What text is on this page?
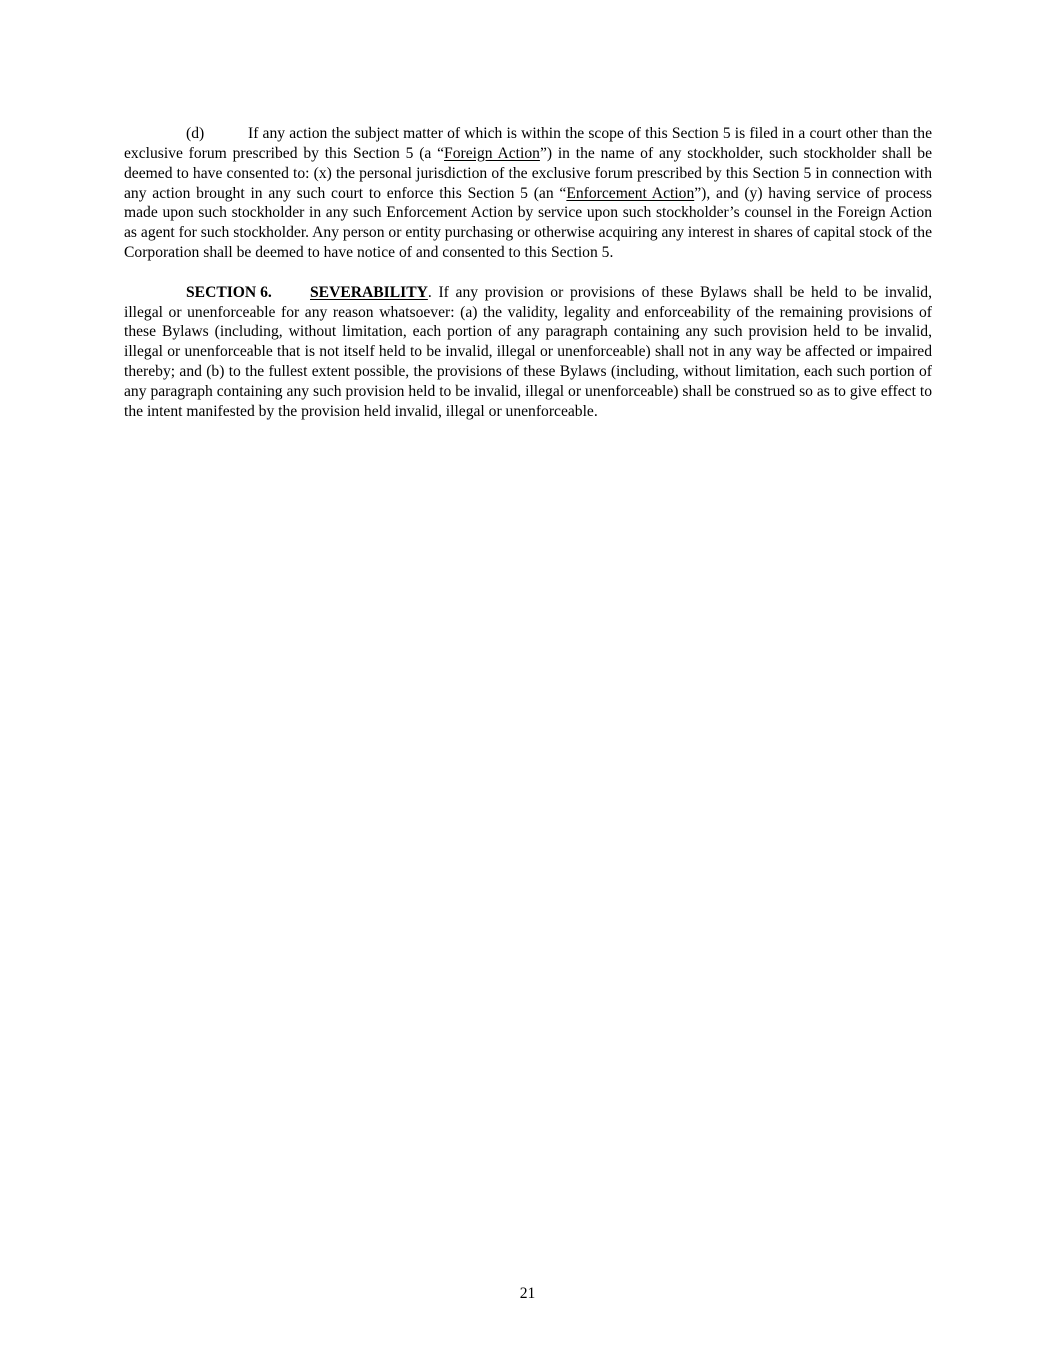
(d)	If any action the subject matter of which is within the scope of this Section 5 is filed in a court other than the exclusive forum prescribed by this Section 5 (a “Foreign Action”) in the name of any stockholder, such stockholder shall be deemed to have consented to: (x) the personal jurisdiction of the exclusive forum prescribed by this Section 5 in connection with any action brought in any such court to enforce this Section 5 (an “Enforcement Action”), and (y) having service of process made upon such stockholder in any such Enforcement Action by service upon such stockholder’s counsel in the Foreign Action as agent for such stockholder. Any person or entity purchasing or otherwise acquiring any interest in shares of capital stock of the Corporation shall be deemed to have notice of and consented to this Section 5.

SECTION 6. SEVERABILITY. If any provision or provisions of these Bylaws shall be held to be invalid, illegal or unenforceable for any reason whatsoever: (a) the validity, legality and enforceability of the remaining provisions of these Bylaws (including, without limitation, each portion of any paragraph containing any such provision held to be invalid, illegal or unenforceable that is not itself held to be invalid, illegal or unenforceable) shall not in any way be affected or impaired thereby; and (b) to the fullest extent possible, the provisions of these Bylaws (including, without limitation, each such portion of any paragraph containing any such provision held to be invalid, illegal or unenforceable) shall be construed so as to give effect to the intent manifested by the provision held invalid, illegal or unenforceable.

21
